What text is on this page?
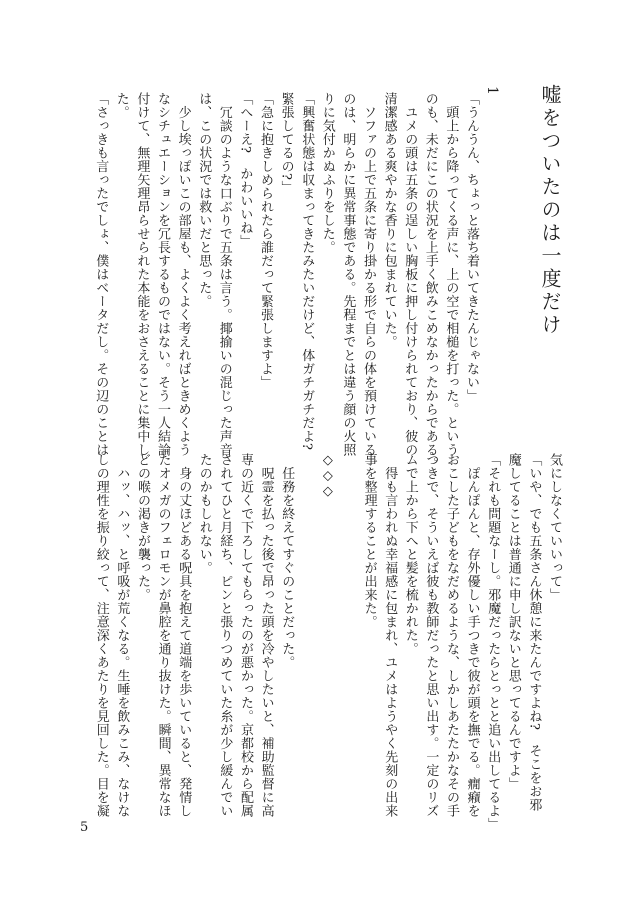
嘘をついたのは一度だけ
1
「うんうん、ちょっと落ち着いてきたんじゃない」
　頭上から降ってくる声に、上の空で相槌を打った。という
のも、未だにこの状況を上手く飲みこめなかったからである。
　ユメの頭は五条の逞しい胸板に押し付けられており、彼の
清潔感ある爽やかな香りに包まれていた。
　ソファの上で五条に寄り掛かる形で自らの体を預けている
のは、明らかに異常事態である。先程までとは違う顔の火照
りに気付かぬふりをした。
「興奮状態は収まってきたみたいだけど、体ガチガチだよ?
緊張してるの?」
「急に抱きしめられたら誰だって緊張しますよ」
「へーえ?　かわいいね」
　冗談のような口ぶりで五条は言う。揶揄いの混じった声音
は、この状況では救いだと思った。
　少し埃っぽいこの部屋も、よくよく考えればときめくよう
なシチュエーションを冗長するものではない。そう一人結論
付けて、無理矢理昂らせられた本能をおさえることに集中し
た。
「さっきも言ったでしょ、僕はベータだし。その辺のことは
気にしなくていいって」
「いや、でも五条さん休憩に来たんですよね?　そこをお邪
魔してることは普通に申し訳ないと思ってるんですよ」
「それも問題なーし。邪魔だったらとっとと追い出してるよ」
　ぽんぽんと、存外優しい手つきで彼が頭を撫でる。癇癪を
おこした子どもをなだめるような、しかしあたたかなその手
つきで、そういえば彼も教師だったと思い出す。一定のリズ
ムで上から下へと髪を梳かれた。
　得も言われぬ幸福感に包まれ、ユメはようやく先刻の出来
事を整理することが出来た。
◇◇◇
　任務を終えてすぐのことだった。
　呪霊を払った後で昂った頭を冷やしたいと、補助監督に高
専の近くで下ろしてもらったのが悪かった。京都校から配属
されてひと月経ち、ピンと張りつめていた糸が少し緩んでい
たのかもしれない。
　身の丈ほどある呪具を抱えて道端を歩いていると、発情し
たオメガのフェロモンが鼻腔を通り抜けた。瞬間、異常なほ
どの喉の渇きが襲った。
　ハッ、ハッ、と呼吸が荒くなる。生唾を飲みこみ、なけな
しの理性を振り絞って、注意深くあたりを見回した。目を凝
5
